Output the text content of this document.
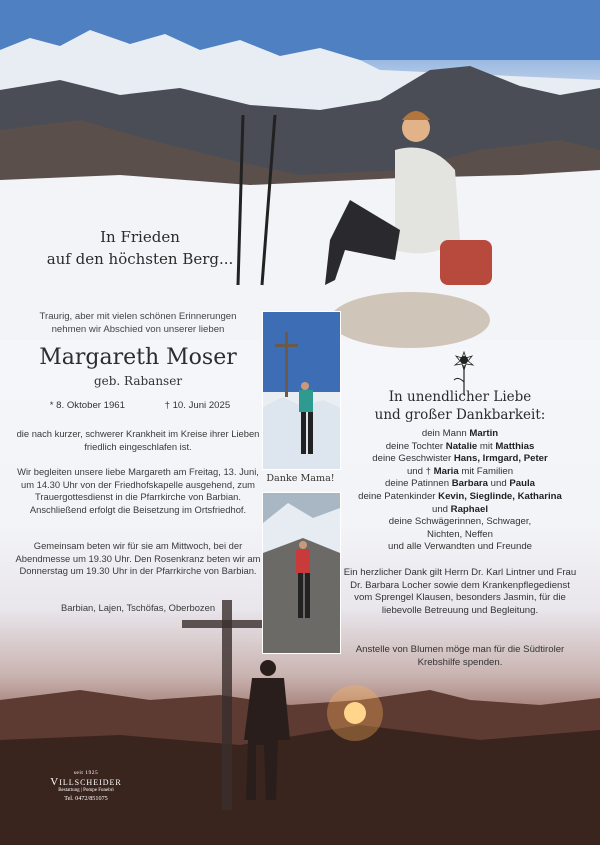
In Frieden
auf den höchsten Berg...
Traurig, aber mit vielen schönen Erinnerungen
nehmen wir Abschied von unserer lieben
Margareth Moser
geb. Rabanser
* 8. Oktober 1961	† 10. Juni 2025
die nach kurzer, schwerer Krankheit im Kreise ihrer Lieben friedlich eingeschlafen ist.
Wir begleiten unsere liebe Margareth am Freitag, 13. Juni, um 14.30 Uhr von der Friedhofskapelle ausgehend, zum Trauergottesdienst in die Pfarrkirche von Barbian. Anschließend erfolgt die Beisetzung im Ortsfriedhof.
Gemeinsam beten wir für sie am Mittwoch, bei der Abendmesse um 19.30 Uhr. Den Rosenkranz beten wir am Donnerstag um 19.30 Uhr in der Pfarrkirche von Barbian.
Barbian, Lajen, Tschöfas, Oberbozen
Danke Mama!
In unendlicher Liebe
und großer Dankbarkeit:
dein Mann Martin
deine Tochter Natalie mit Matthias
deine Geschwister Hans, Irmgard, Peter
und † Maria mit Familien
deine Patinnen Barbara und Paula
deine Patenkinder Kevin, Sieglinde, Katharina
und Raphael
deine Schwägerinnen, Schwager,
Nichten, Neffen
und alle Verwandten und Freunde
Ein herzlicher Dank gilt Herrn Dr. Karl Lintner und Frau Dr. Barbara Locher sowie dem Krankenpflegedienst vom Sprengel Klausen, besonders Jasmin, für die liebevolle Betreuung und Begleitung.
Anstelle von Blumen möge man für die Südtiroler Krebshilfe spenden.
seit 1925
Villscheider
Bestattung | Pompe Funebri
Tel. 0472/851075
